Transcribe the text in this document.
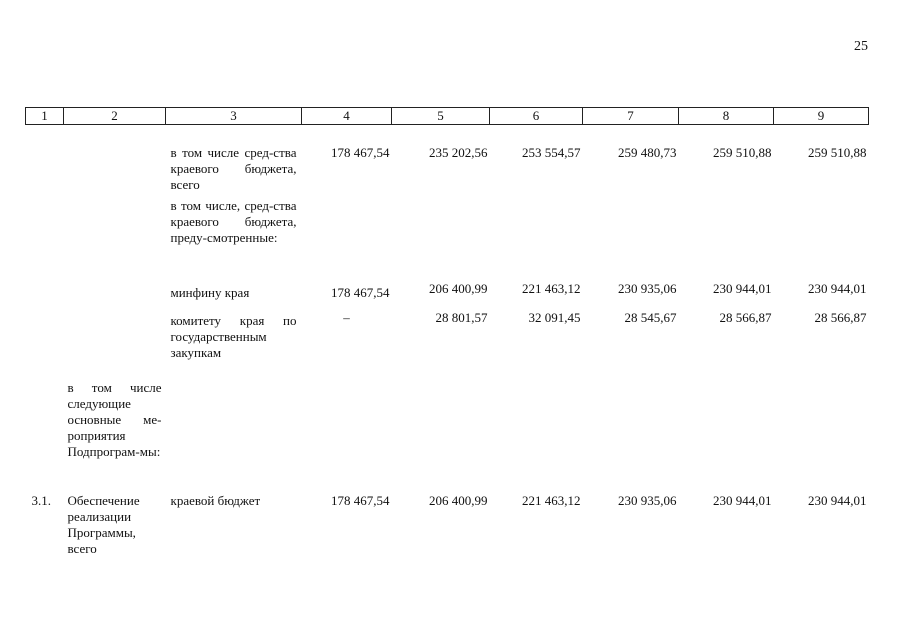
25
1	2	3	4	5	6	7	8	9
		в том числе сред-ства краевого бюджета, всего	178 467,54	235 202,56	253 554,57	259 480,73	259 510,88	259 510,88
		в том числе, сред-ства краевого бюджета, преду-смотренные:						
		минфину края	178 467,54	206 400,99	221 463,12	230 935,06	230 944,01	230 944,01
		комитету края по государственным закупкам	–	28 801,57	32 091,45	28 545,67	28 566,87	28 566,87
	в том числе следующие основные ме-роприятия Подпрограм-мы:							
3.1.	Обеспечение реализации Программы, всего	краевой бюджет	178 467,54	206 400,99	221 463,12	230 935,06	230 944,01	230 944,01
